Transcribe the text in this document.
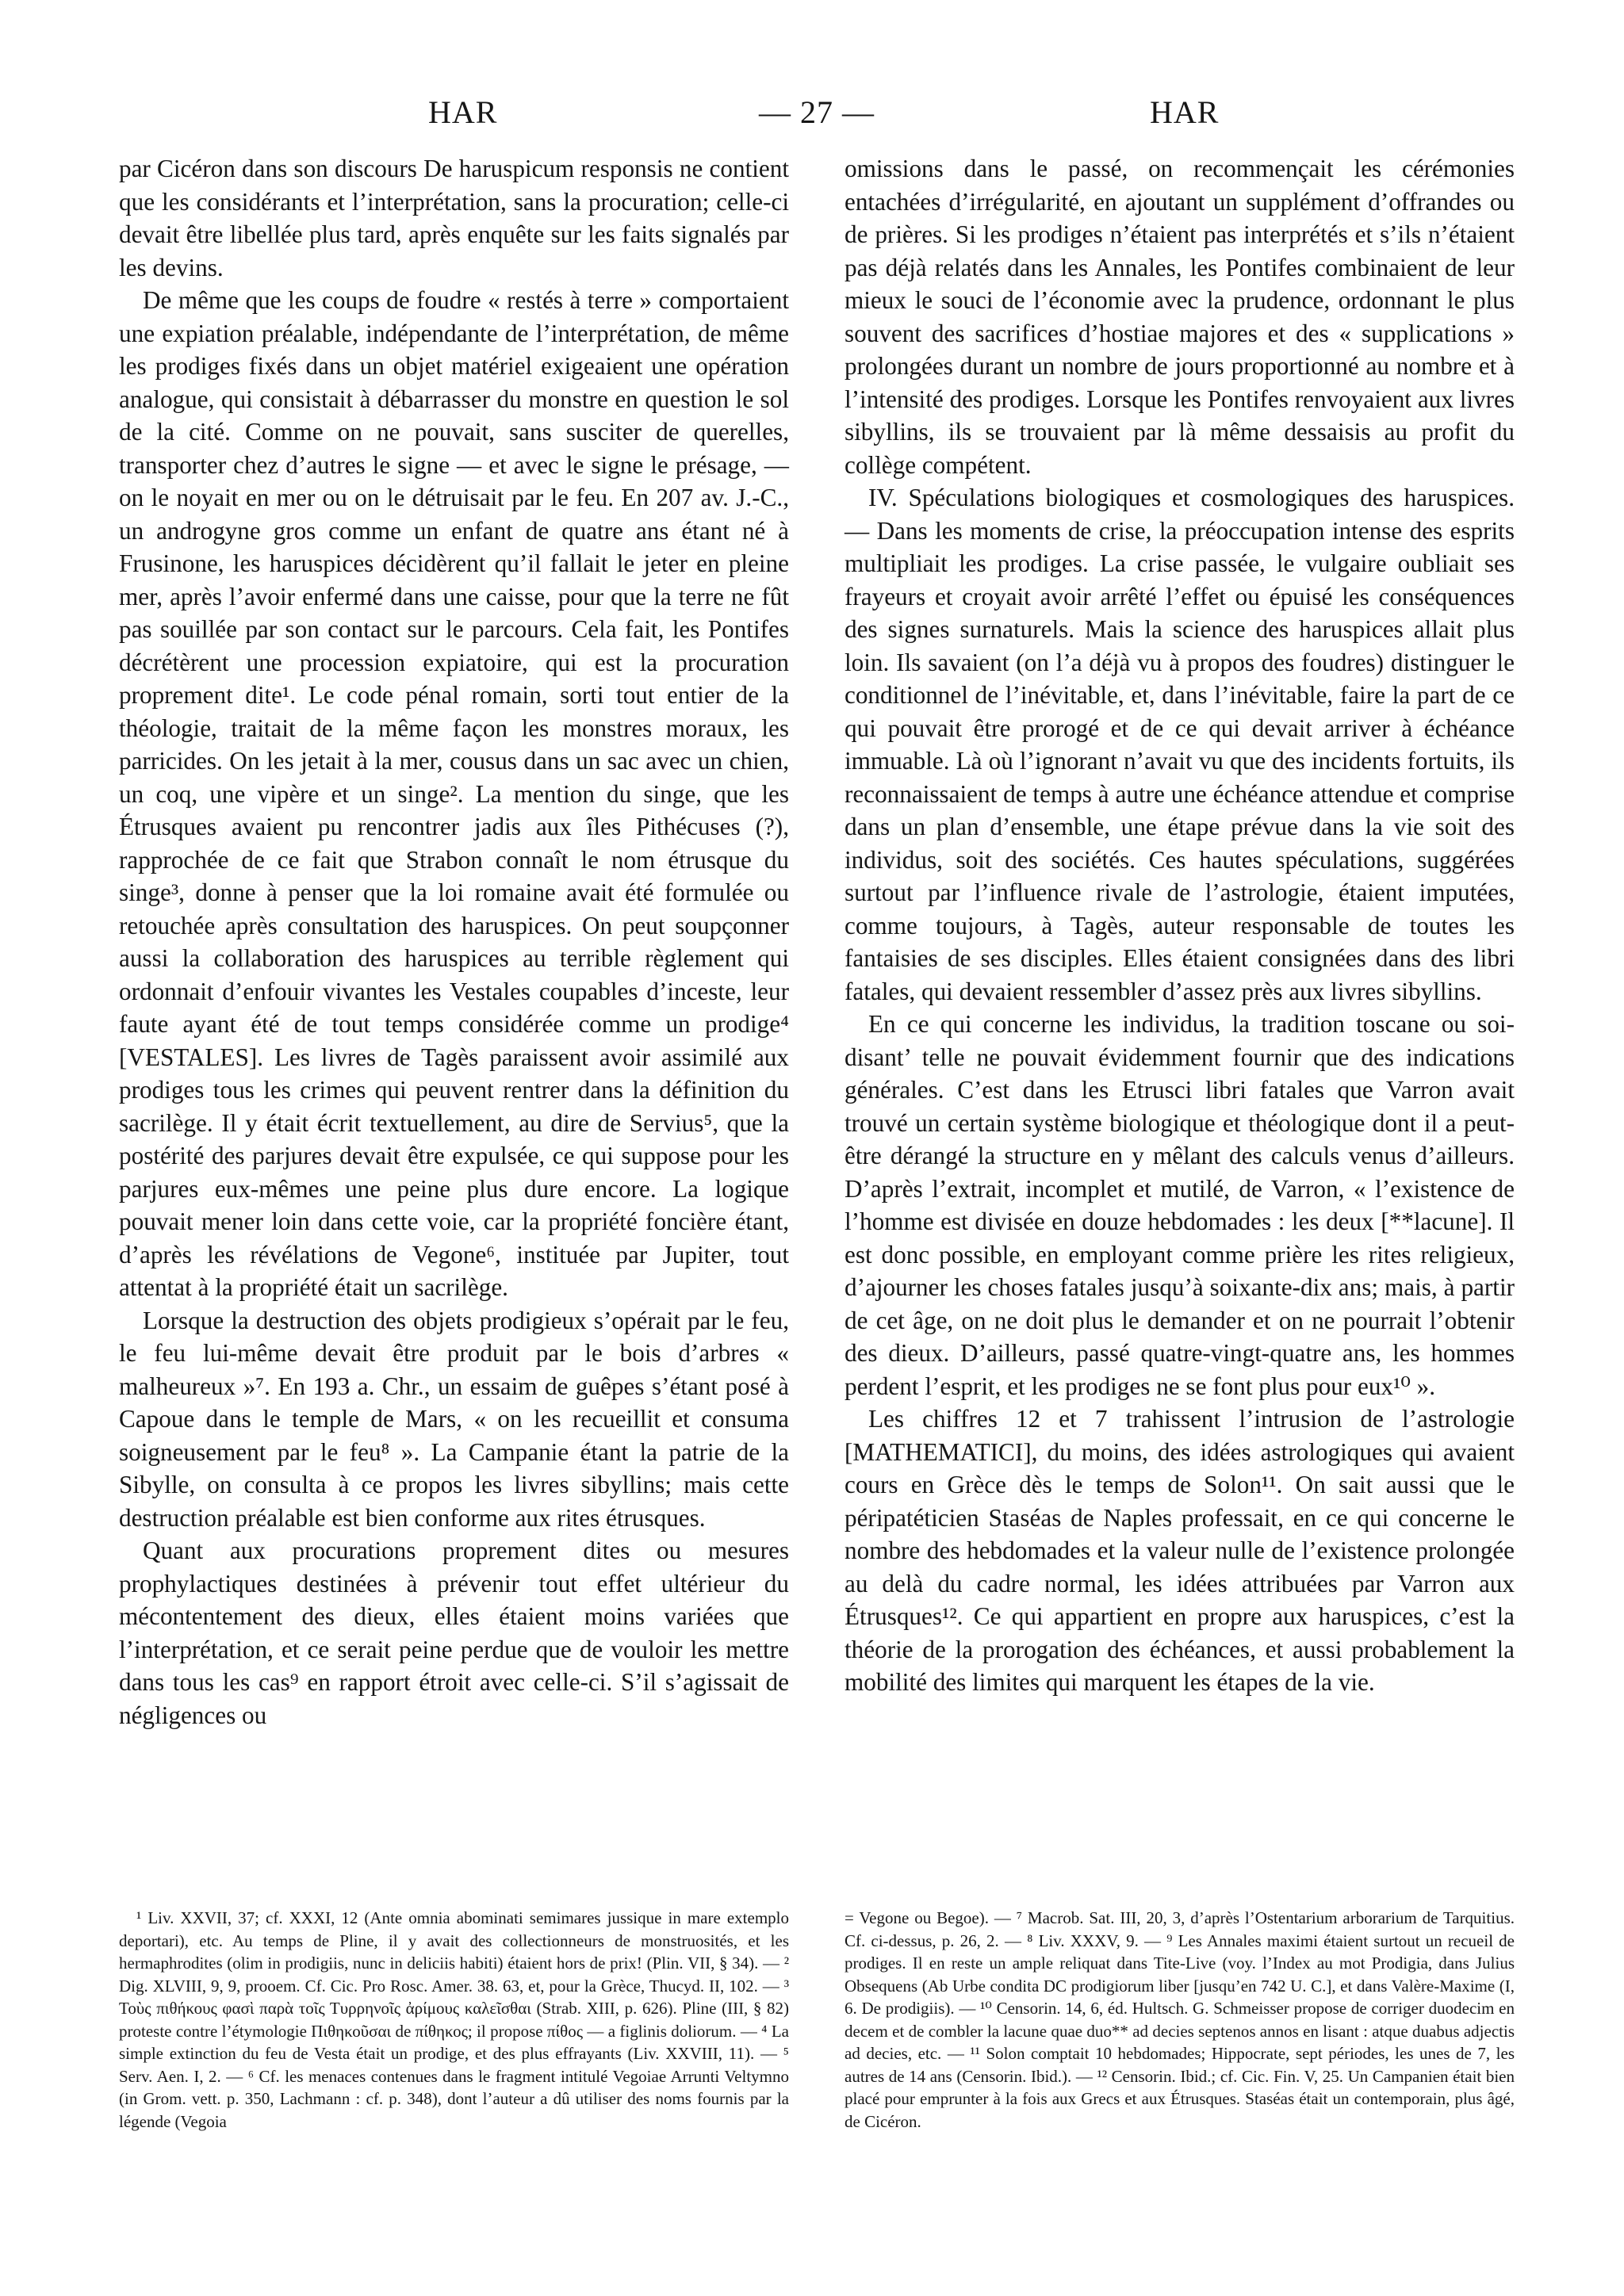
HAR	— 27 —	HAR

par Cicéron dans son discours De haruspicum responsis ne contient que les considérants et l’interprétation, sans la procuration; celle-ci devait être libellée plus tard, après enquête sur les faits signalés par les devins.

De même que les coups de foudre « restés à terre » comportaient une expiation préalable, indépendante de l’interprétation, de même les prodiges fixés dans un objet matériel exigeaient une opération analogue, qui consistait à débarrasser du monstre en question le sol de la cité. Comme on ne pouvait, sans susciter de querelles, transporter chez d’autres le signe — et avec le signe le présage, — on le noyait en mer ou on le détruisait par le feu. En 207 av. J.-C., un androgyne gros comme un enfant de quatre ans étant né à Frusinone, les haruspices décidèrent qu’il fallait le jeter en pleine mer, après l’avoir enfermé dans une caisse, pour que la terre ne fût pas souillée par son contact sur le parcours. Cela fait, les Pontifes décrétèrent une procession expiatoire, qui est la procuration proprement dite¹. Le code pénal romain, sorti tout entier de la théologie, traitait de la même façon les monstres moraux, les parricides. On les jetait à la mer, cousus dans un sac avec un chien, un coq, une vipère et un singe². La mention du singe, que les Étrusques avaient pu rencontrer jadis aux îles Pithécuses (?), rapprochée de ce fait que Strabon connaît le nom étrusque du singe³, donne à penser que la loi romaine avait été formulée ou retouchée après consultation des haruspices. On peut soupçonner aussi la collaboration des haruspices au terrible règlement qui ordonnait d’enfouir vivantes les Vestales coupables d’inceste, leur faute ayant été de tout temps considérée comme un prodige⁴ [VESTALES]. Les livres de Tagès paraissent avoir assimilé aux prodiges tous les crimes qui peuvent rentrer dans la définition du sacrilège. Il y était écrit textuellement, au dire de Servius⁵, que la postérité des parjures devait être expulsée, ce qui suppose pour les parjures eux-mêmes une peine plus dure encore. La logique pouvait mener loin dans cette voie, car la propriété foncière étant, d’après les révélations de Vegone⁶, instituée par Jupiter, tout attentat à la propriété était un sacrilège.

Lorsque la destruction des objets prodigieux s’opérait par le feu, le feu lui-même devait être produit par le bois d’arbres « malheureux »⁷. En 193 a. Chr., un essaim de guêpes s’étant posé à Capoue dans le temple de Mars, « on les recueillit et consuma soigneusement par le feu⁸ ». La Campanie étant la patrie de la Sibylle, on consulta à ce propos les livres sibyllins; mais cette destruction préalable est bien conforme aux rites étrusques.

Quant aux procurations proprement dites ou mesures prophylactiques destinées à prévenir tout effet ultérieur du mécontentement des dieux, elles étaient moins variées que l’interprétation, et ce serait peine perdue que de vouloir les mettre dans tous les cas⁹ en rapport étroit avec celle-ci. S’il s’agissait de négligences ou

omissions dans le passé, on recommençait les cérémonies entachées d’irrégularité, en ajoutant un supplément d’offrandes ou de prières. Si les prodiges n’étaient pas interprétés et s’ils n’étaient pas déjà relatés dans les Annales, les Pontifes combinaient de leur mieux le souci de l’économie avec la prudence, ordonnant le plus souvent des sacrifices d’hostiae majores et des « supplications » prolongées durant un nombre de jours proportionné au nombre et à l’intensité des prodiges. Lorsque les Pontifes renvoyaient aux livres sibyllins, ils se trouvaient par là même dessaisis au profit du collège compétent.

IV. Spéculations biologiques et cosmologiques des haruspices. — Dans les moments de crise, la préoccupation intense des esprits multipliait les prodiges. La crise passée, le vulgaire oubliait ses frayeurs et croyait avoir arrêté l’effet ou épuisé les conséquences des signes surnaturels. Mais la science des haruspices allait plus loin. Ils savaient (on l’a déjà vu à propos des foudres) distinguer le conditionnel de l’inévitable, et, dans l’inévitable, faire la part de ce qui pouvait être prorogé et de ce qui devait arriver à échéance immuable. Là où l’ignorant n’avait vu que des incidents fortuits, ils reconnaissaient de temps à autre une échéance attendue et comprise dans un plan d’ensemble, une étape prévue dans la vie soit des individus, soit des sociétés. Ces hautes spéculations, suggérées surtout par l’influence rivale de l’astrologie, étaient imputées, comme toujours, à Tagès, auteur responsable de toutes les fantaisies de ses disciples. Elles étaient consignées dans des libri fatales, qui devaient ressembler d’assez près aux livres sibyllins.

En ce qui concerne les individus, la tradition toscane ou soi-disant’ telle ne pouvait évidemment fournir que des indications générales. C’est dans les Etrusci libri fatales que Varron avait trouvé un certain système biologique et théologique dont il a peut-être dérangé la structure en y mêlant des calculs venus d’ailleurs. D’après l’extrait, incomplet et mutilé, de Varron, « l’existence de l’homme est divisée en douze hebdomades : les deux [**lacune]. Il est donc possible, en employant comme prière les rites religieux, d’ajourner les choses fatales jusqu’à soixante-dix ans; mais, à partir de cet âge, on ne doit plus le demander et on ne pourrait l’obtenir des dieux. D’ailleurs, passé quatre-vingt-quatre ans, les hommes perdent l’esprit, et les prodiges ne se font plus pour eux¹⁰ ».

Les chiffres 12 et 7 trahissent l’intrusion de l’astrologie [MATHEMATICI], du moins, des idées astrologiques qui avaient cours en Grèce dès le temps de Solon¹¹. On sait aussi que le péripatéticien Staséas de Naples professait, en ce qui concerne le nombre des hebdomades et la valeur nulle de l’existence prolongée au delà du cadre normal, les idées attribuées par Varron aux Étrusques¹². Ce qui appartient en propre aux haruspices, c’est la théorie de la prorogation des échéances, et aussi probablement la mobilité des limites qui marquent les étapes de la vie.

¹ Liv. XXVII, 37; cf. XXXI, 12 (Ante omnia abominati semimares jussique in mare extemplo deportari), etc. Au temps de Pline, il y avait des collectionneurs de monstruosités, et les hermaphrodites (olim in prodigiis, nunc in deliciis habiti) étaient hors de prix! (Plin. VII, § 34). — ² Dig. XLVIII, 9, 9, prooem. Cf. Cic. Pro Rosc. Amer. 38. 63, et, pour la Grèce, Thucyd. II, 102. — ³ Τοὺς πιθήκους φασὶ παρὰ τοῖς Τυρρηνοῖς ἀρίμους καλεῖσθαι (Strab. XIII, p. 626). Pline (III, § 82) proteste contre l’étymologie Πιθηκοῦσαι de πίθηκος; il propose πίθος — a figlinis doliorum. — ⁴ La simple extinction du feu de Vesta était un prodige, et des plus effrayants (Liv. XXVIII, 11). — ⁵ Serv. Aen. I, 2. — ⁶ Cf. les menaces contenues dans le fragment intitulé Vegoiae Arrunti Veltymno (in Grom. vett. p. 350, Lachmann : cf. p. 348), dont l’auteur a dû utiliser des noms fournis par la légende (Vegoia

= Vegone ou Begoe). — ⁷ Macrob. Sat. III, 20, 3, d’après l’Ostentarium arborarium de Tarquitius. Cf. ci-dessus, p. 26, 2. — ⁸ Liv. XXXV, 9. — ⁹ Les Annales maximi étaient surtout un recueil de prodiges. Il en reste un ample reliquat dans Tite-Live (voy. l’Index au mot Prodigia, dans Julius Obsequens (Ab Urbe condita DC prodigiorum liber [jusqu’en 742 U. C.], et dans Valère-Maxime (I, 6. De prodigiis). — ¹⁰ Censorin. 14, 6, éd. Hultsch. G. Schmeisser propose de corriger duodecim en decem et de combler la lacune quae duo** ad decies septenos annos en lisant : atque duabus adjectis ad decies, etc. — ¹¹ Solon comptait 10 hebdomades; Hippocrate, sept périodes, les unes de 7, les autres de 14 ans (Censorin. Ibid.). — ¹² Censorin. Ibid.; cf. Cic. Fin. V, 25. Un Campanien était bien placé pour emprunter à la fois aux Grecs et aux Étrusques. Staséas était un contemporain, plus âgé, de Cicéron.
